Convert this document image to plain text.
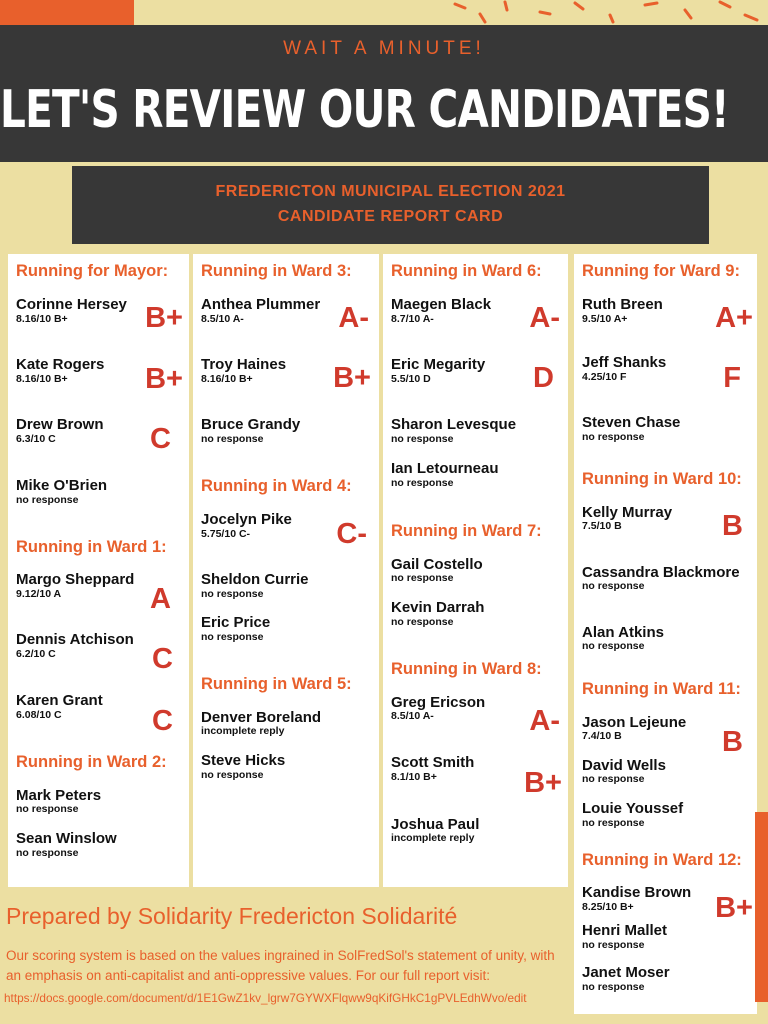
WAIT A MINUTE!
LET'S REVIEW OUR CANDIDATES!
FREDERICTON MUNICIPAL ELECTION 2021
CANDIDATE REPORT CARD
Running for Mayor:
Corinne Hersey
8.16/10 B+	B+
Kate Rogers
8.16/10 B+	B+
Drew Brown
6.3/10 C	C
Mike O'Brien
no response
Running in Ward 1:
Margo Sheppard
9.12/10 A	A
Dennis Atchison
6.2/10 C	C
Karen Grant
6.08/10 C	C
Running in Ward 2:
Mark Peters
no response
Sean Winslow
no response
Running in Ward 3:
Anthea Plummer
8.5/10 A-	A-
Troy Haines
8.16/10 B+	B+
Bruce Grandy
no response
Running in Ward 4:
Jocelyn Pike
5.75/10 C-	C-
Sheldon Currie
no response
Eric Price
no response
Running in Ward 5:
Denver Boreland
incomplete reply
Steve Hicks
no response
Running in Ward 6:
Maegen Black
8.7/10 A-	A-
Eric Megarity
5.5/10 D	D
Sharon Levesque
no response
Ian Letourneau
no response
Running in Ward 7:
Gail Costello
no response
Kevin Darrah
no response
Running in Ward 8:
Greg Ericson
8.5/10 A-	A-
Scott Smith
8.1/10 B+	B+
Joshua Paul
incomplete reply
Running for Ward 9:
Ruth Breen
9.5/10 A+	A+
Jeff Shanks
4.25/10 F	F
Steven Chase
no response
Running in Ward 10:
Kelly Murray
7.5/10 B	B
Cassandra Blackmore
no response
Alan Atkins
no response
Running in Ward 11:
Jason Lejeune
7.4/10 B	B
David Wells
no response
Louie Youssef
no response
Running in Ward 12:
Kandise Brown
8.25/10 B+	B+
Henri Mallet
no response
Janet Moser
no response
Prepared by Solidarity Fredericton Solidarité
Our scoring system is based on the values ingrained in SolFredSol's statement of unity, with an emphasis on anti-capitalist and anti-oppressive values. For our full report visit:
https://docs.google.com/document/d/1E1GwZ1kv_lgrw7GYWXFlqww9qKifGHkC1gPVLEdhWvo/edit
